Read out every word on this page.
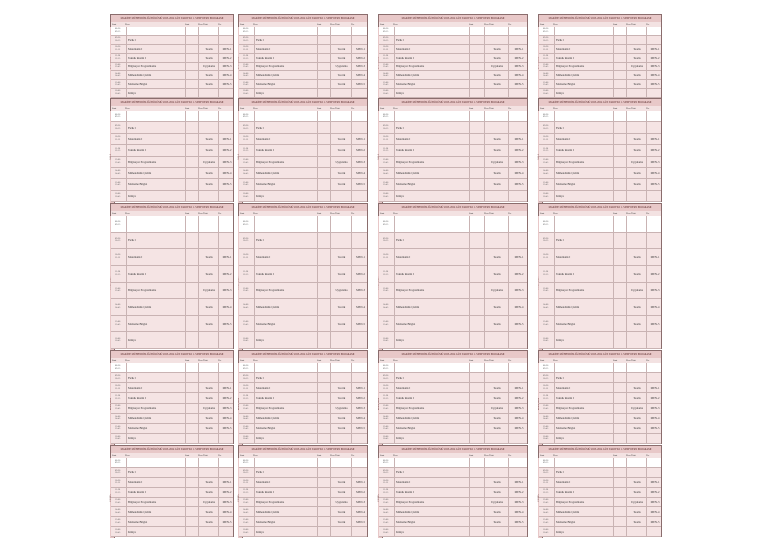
MAKİNE MÜHENDİSLİĞİ BÖLÜMÜ 2023-2024 GÜZ YARIYILI 1. SINIF DERS PROGRAMI
Saat	Ders	Saat	Ders Türü	Yer
08:30 09:15
09:30 10:15	Fizik I
10:30 11:15	Matematik I	Teorik	MEN-1
11:30 12:15	Teknik Resim I	Teorik	MEN-2
13:00 13:45	Bilgisayar Programlama	Uygulama	MEN-3
14:00 14:45	Mühendislik Çizimi	Teorik	MEN-4
15:00 15:45	Malzeme Bilgisi	Teorik	MEN-5
16:00 16:45	Kimya
MAKİNE MÜHENDİSLİĞİ BÖLÜMÜ 2023-2024 GÜZ YARIYILI 1. SINIF DERS PROGRAMI
Saat	Ders	Saat	Ders Türü	Yer
08:30 09:15
09:30 10:15	Fizik I
10:30 11:15	Matematik I	Teorik	MEN-1
11:30 12:15	Teknik Resim I	Teorik	MEN-2
13:00 13:45	Bilgisayar Programlama	Uygulama	MEN-3
14:00 14:45	Mühendislik Çizimi	Teorik	MEN-4
15:00 15:45	Malzeme Bilgisi	Teorik	MEN-5
16:00 16:45	Kimya
MAKİNE MÜHENDİSLİĞİ BÖLÜMÜ 2023-2024 GÜZ YARIYILI 1. SINIF DERS PROGRAMI
Saat	Ders	Saat	Ders Türü	Yer
08:30 09:15
09:30 10:15	Fizik I
10:30 11:15	Matematik I	Teorik	MEN-1
11:30 12:15	Teknik Resim I	Teorik	MEN-2
13:00 13:45	Bilgisayar Programlama	Uygulama	MEN-3
14:00 14:45	Mühendislik Çizimi	Teorik	MEN-4
15:00 15:45	Malzeme Bilgisi	Teorik	MEN-5
16:00 16:45	Kimya
MAKİNE MÜHENDİSLİĞİ BÖLÜMÜ 2023-2024 GÜZ YARIYILI 1. SINIF DERS PROGRAMI
Saat	Ders	Saat	Ders Türü	Yer
08:30 09:15
09:30 10:15	Fizik I
10:30 11:15	Matematik I	Teorik	MEN-1
11:30 12:15	Teknik Resim I	Teorik	MEN-2
13:00 13:45	Bilgisayar Programlama	Uygulama	MEN-3
14:00 14:45	Mühendislik Çizimi	Teorik	MEN-4
15:00 15:45	Malzeme Bilgisi	Teorik	MEN-5
16:00 16:45	Kimya
MAKİNE MÜHENDİSLİĞİ BÖLÜMÜ 2023-2024 GÜZ YARIYILI 1. SINIF DERS PROGRAMI
Saat	Ders	Saat	Ders Türü	Yer
08:30 09:15
09:30 10:15	Fizik I
10:30 11:15	Matematik I	Teorik	MEN-1
11:30 12:15	Teknik Resim I	Teorik	MEN-2
13:00 13:45	Bilgisayar Programlama	Uygulama	MEN-3
14:00 14:45	Mühendislik Çizimi	Teorik	MEN-4
15:00 15:45	Malzeme Bilgisi	Teorik	MEN-5
16:00 16:45	Kimya
MAKİNE MÜHENDİSLİĞİ BÖLÜMÜ 2023-2024 GÜZ YARIYILI 1. SINIF DERS PROGRAMI
Saat	Ders	Saat	Ders Türü	Yer
08:30 09:15
09:30 10:15	Fizik I
10:30 11:15	Matematik I	Teorik	MEN-1
11:30 12:15	Teknik Resim I	Teorik	MEN-2
13:00 13:45	Bilgisayar Programlama	Uygulama	MEN-3
14:00 14:45	Mühendislik Çizimi	Teorik	MEN-4
15:00 15:45	Malzeme Bilgisi	Teorik	MEN-5
16:00 16:45	Kimya
MAKİNE MÜHENDİSLİĞİ BÖLÜMÜ 2023-2024 GÜZ YARIYILI 1. SINIF DERS PROGRAMI
Saat	Ders	Saat	Ders Türü	Yer
08:30 09:15
09:30 10:15	Fizik I
10:30 11:15	Matematik I	Teorik	MEN-1
11:30 12:15	Teknik Resim I	Teorik	MEN-2
13:00 13:45	Bilgisayar Programlama	Uygulama	MEN-3
14:00 14:45	Mühendislik Çizimi	Teorik	MEN-4
15:00 15:45	Malzeme Bilgisi	Teorik	MEN-5
16:00 16:45	Kimya
MAKİNE MÜHENDİSLİĞİ BÖLÜMÜ 2023-2024 GÜZ YARIYILI 1. SINIF DERS PROGRAMI
Saat	Ders	Saat	Ders Türü	Yer
08:30 09:15
09:30 10:15	Fizik I
10:30 11:15	Matematik I	Teorik	MEN-1
11:30 12:15	Teknik Resim I	Teorik	MEN-2
13:00 13:45	Bilgisayar Programlama	Uygulama	MEN-3
14:00 14:45	Mühendislik Çizimi	Teorik	MEN-4
15:00 15:45	Malzeme Bilgisi	Teorik	MEN-5
16:00 16:45	Kimya
MAKİNE MÜHENDİSLİĞİ BÖLÜMÜ 2023-2024 GÜZ YARIYILI 1. SINIF DERS PROGRAMI
Saat	Ders	Saat	Ders Türü	Yer
08:30 09:15
09:30 10:15	Fizik I
10:30 11:15	Matematik I	Teorik	MEN-1
11:30 12:15	Teknik Resim I	Teorik	MEN-2
13:00 13:45	Bilgisayar Programlama	Uygulama	MEN-3
14:00 14:45	Mühendislik Çizimi	Teorik	MEN-4
15:00 15:45	Malzeme Bilgisi	Teorik	MEN-5
16:00 16:45	Kimya
MAKİNE MÜHENDİSLİĞİ BÖLÜMÜ 2023-2024 GÜZ YARIYILI 1. SINIF DERS PROGRAMI
Saat	Ders	Saat	Ders Türü	Yer
08:30 09:15
09:30 10:15	Fizik I
10:30 11:15	Matematik I	Teorik	MEN-1
11:30 12:15	Teknik Resim I	Teorik	MEN-2
13:00 13:45	Bilgisayar Programlama	Uygulama	MEN-3
14:00 14:45	Mühendislik Çizimi	Teorik	MEN-4
15:00 15:45	Malzeme Bilgisi	Teorik	MEN-5
16:00 16:45	Kimya
MAKİNE MÜHENDİSLİĞİ BÖLÜMÜ 2023-2024 GÜZ YARIYILI 1. SINIF DERS PROGRAMI
Saat	Ders	Saat	Ders Türü	Yer
08:30 09:15
09:30 10:15	Fizik I
10:30 11:15	Matematik I	Teorik	MEN-1
11:30 12:15	Teknik Resim I	Teorik	MEN-2
13:00 13:45	Bilgisayar Programlama	Uygulama	MEN-3
14:00 14:45	Mühendislik Çizimi	Teorik	MEN-4
15:00 15:45	Malzeme Bilgisi	Teorik	MEN-5
16:00 16:45	Kimya
MAKİNE MÜHENDİSLİĞİ BÖLÜMÜ 2023-2024 GÜZ YARIYILI 1. SINIF DERS PROGRAMI
Saat	Ders	Saat	Ders Türü	Yer
08:30 09:15
09:30 10:15	Fizik I
10:30 11:15	Matematik I	Teorik	MEN-1
11:30 12:15	Teknik Resim I	Teorik	MEN-2
13:00 13:45	Bilgisayar Programlama	Uygulama	MEN-3
14:00 14:45	Mühendislik Çizimi	Teorik	MEN-4
15:00 15:45	Malzeme Bilgisi	Teorik	MEN-5
16:00 16:45	Kimya
MAKİNE MÜHENDİSLİĞİ BÖLÜMÜ 2023-2024 GÜZ YARIYILI 1. SINIF DERS PROGRAMI
Saat	Ders	Saat	Ders Türü	Yer
08:30 09:15
09:30 10:15	Fizik I
10:30 11:15	Matematik I	Teorik	MEN-1
11:30 12:15	Teknik Resim I	Teorik	MEN-2
13:00 13:45	Bilgisayar Programlama	Uygulama	MEN-3
14:00 14:45	Mühendislik Çizimi	Teorik	MEN-4
15:00 15:45	Malzeme Bilgisi	Teorik	MEN-5
16:00 16:45	Kimya
MAKİNE MÜHENDİSLİĞİ BÖLÜMÜ 2023-2024 GÜZ YARIYILI 1. SINIF DERS PROGRAMI
Saat	Ders	Saat	Ders Türü	Yer
08:30 09:15
09:30 10:15	Fizik I
10:30 11:15	Matematik I	Teorik	MEN-1
11:30 12:15	Teknik Resim I	Teorik	MEN-2
13:00 13:45	Bilgisayar Programlama	Uygulama	MEN-3
14:00 14:45	Mühendislik Çizimi	Teorik	MEN-4
15:00 15:45	Malzeme Bilgisi	Teorik	MEN-5
16:00 16:45	Kimya
MAKİNE MÜHENDİSLİĞİ BÖLÜMÜ 2023-2024 GÜZ YARIYILI 1. SINIF DERS PROGRAMI
Saat	Ders	Saat	Ders Türü	Yer
08:30 09:15
09:30 10:15	Fizik I
10:30 11:15	Matematik I	Teorik	MEN-1
11:30 12:15	Teknik Resim I	Teorik	MEN-2
13:00 13:45	Bilgisayar Programlama	Uygulama	MEN-3
14:00 14:45	Mühendislik Çizimi	Teorik	MEN-4
15:00 15:45	Malzeme Bilgisi	Teorik	MEN-5
16:00 16:45	Kimya
MAKİNE MÜHENDİSLİĞİ BÖLÜMÜ 2023-2024 GÜZ YARIYILI 1. SINIF DERS PROGRAMI
Saat	Ders	Saat	Ders Türü	Yer
08:30 09:15
09:30 10:15	Fizik I
10:30 11:15	Matematik I	Teorik	MEN-1
11:30 12:15	Teknik Resim I	Teorik	MEN-2
13:00 13:45	Bilgisayar Programlama	Uygulama	MEN-3
14:00 14:45	Mühendislik Çizimi	Teorik	MEN-4
15:00 15:45	Malzeme Bilgisi	Teorik	MEN-5
16:00 16:45	Kimya
MAKİNE MÜHENDİSLİĞİ BÖLÜMÜ 2023-2024 GÜZ YARIYILI 1. SINIF DERS PROGRAMI
Saat	Ders	Saat	Ders Türü	Yer
08:30 09:15
09:30 10:15	Fizik I
10:30 11:15	Matematik I	Teorik	MEN-1
11:30 12:15	Teknik Resim I	Teorik	MEN-2
13:00 13:45	Bilgisayar Programlama	Uygulama	MEN-3
14:00 14:45	Mühendislik Çizimi	Teorik	MEN-4
15:00 15:45	Malzeme Bilgisi	Teorik	MEN-5
16:00 16:45	Kimya
MAKİNE MÜHENDİSLİĞİ BÖLÜMÜ 2023-2024 GÜZ YARIYILI 1. SINIF DERS PROGRAMI
Saat	Ders	Saat	Ders Türü	Yer
08:30 09:15
09:30 10:15	Fizik I
10:30 11:15	Matematik I	Teorik	MEN-1
11:30 12:15	Teknik Resim I	Teorik	MEN-2
13:00 13:45	Bilgisayar Programlama	Uygulama	MEN-3
14:00 14:45	Mühendislik Çizimi	Teorik	MEN-4
15:00 15:45	Malzeme Bilgisi	Teorik	MEN-5
16:00 16:45	Kimya
MAKİNE MÜHENDİSLİĞİ BÖLÜMÜ 2023-2024 GÜZ YARIYILI 1. SINIF DERS PROGRAMI
Saat	Ders	Saat	Ders Türü	Yer
08:30 09:15
09:30 10:15	Fizik I
10:30 11:15	Matematik I	Teorik	MEN-1
11:30 12:15	Teknik Resim I	Teorik	MEN-2
13:00 13:45	Bilgisayar Programlama	Uygulama	MEN-3
14:00 14:45	Mühendislik Çizimi	Teorik	MEN-4
15:00 15:45	Malzeme Bilgisi	Teorik	MEN-5
16:00 16:45	Kimya
MAKİNE MÜHENDİSLİĞİ BÖLÜMÜ 2023-2024 GÜZ YARIYILI 1. SINIF DERS PROGRAMI
Saat	Ders	Saat	Ders Türü	Yer
08:30 09:15
09:30 10:15	Fizik I
10:30 11:15	Matematik I	Teorik	MEN-1
11:30 12:15	Teknik Resim I	Teorik	MEN-2
13:00 13:45	Bilgisayar Programlama	Uygulama	MEN-3
14:00 14:45	Mühendislik Çizimi	Teorik	MEN-4
15:00 15:45	Malzeme Bilgisi	Teorik	MEN-5
16:00 16:45	Kimya
